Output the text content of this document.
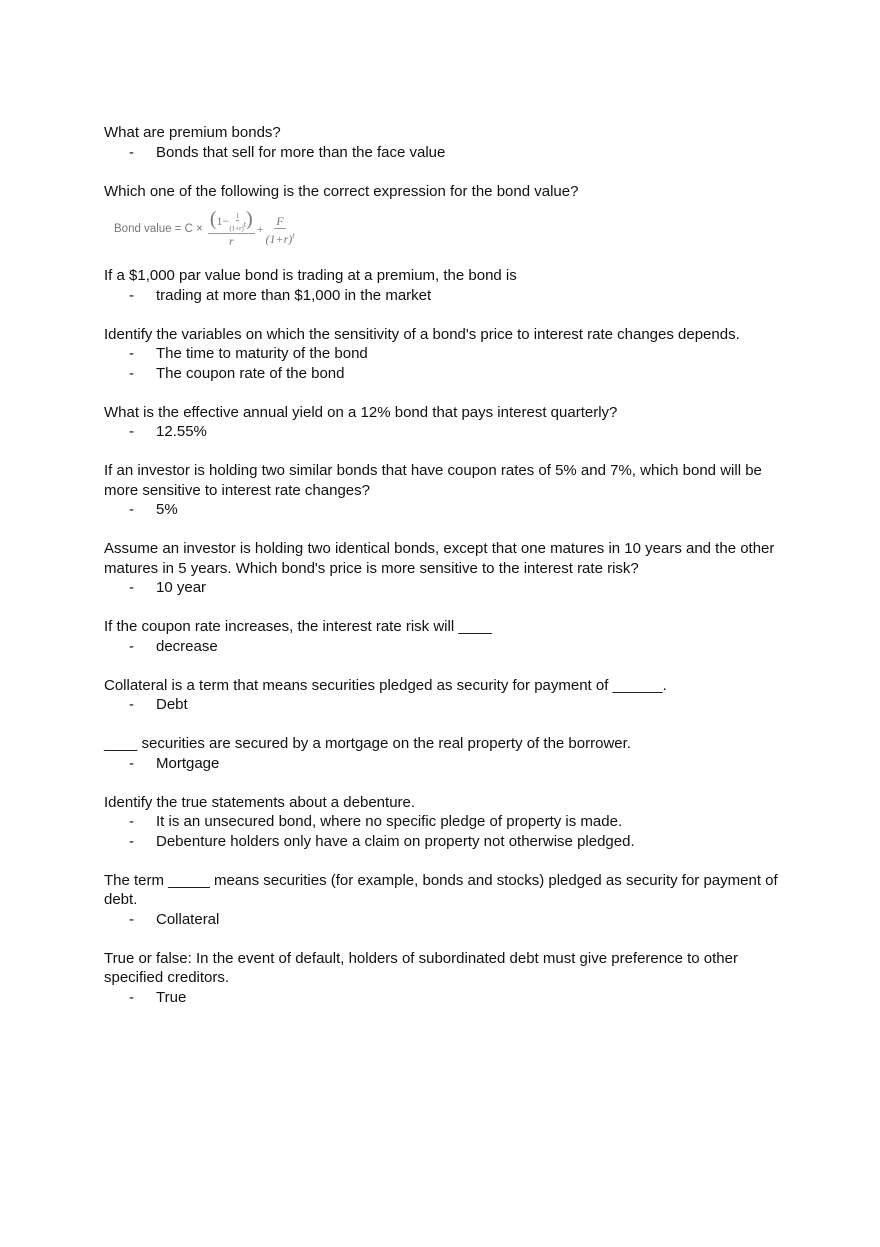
What are premium bonds?

- Bonds that sell for more than the face value

Which one of the following is the correct expression for the bond value?

Bond value = $C \times \frac{(1- \frac{1}{(1+r)^t} )}{r} + \frac{F}{(1+r)^t}$

If a $1,000 par value bond is trading at a premium, the bond is

- trading at more than $1,000 in the market

Identify the variables on which the sensitivity of a bond's price to interest rate changes depends.

- The time to maturity of the bond
- The coupon rate of the bond

What is the effective annual yield on a 12% bond that pays interest quarterly?

- 12.55%

If an investor is holding two similar bonds that have coupon rates of 5% and 7%, which bond will be more sensitive to interest rate changes?

- 5%

Assume an investor is holding two identical bonds, except that one matures in 10 years and the other matures in 5 years. Which bond's price is more sensitive to the interest rate risk?

- 10 year

If the coupon rate increases, the interest rate risk will ____

- decrease

Collateral is a term that means securities pledged as security for payment of ______.

- Debt

____ securities are secured by a mortgage on the real property of the borrower.

- Mortgage

Identify the true statements about a debenture.

- It is an unsecured bond, where no specific pledge of property is made.
- Debenture holders only have a claim on property not otherwise pledged.

The term _____ means securities (for example, bonds and stocks) pledged as security for payment of debt.

- Collateral

True or false: In the event of default, holders of subordinated debt must give preference to other specified creditors.

- True
